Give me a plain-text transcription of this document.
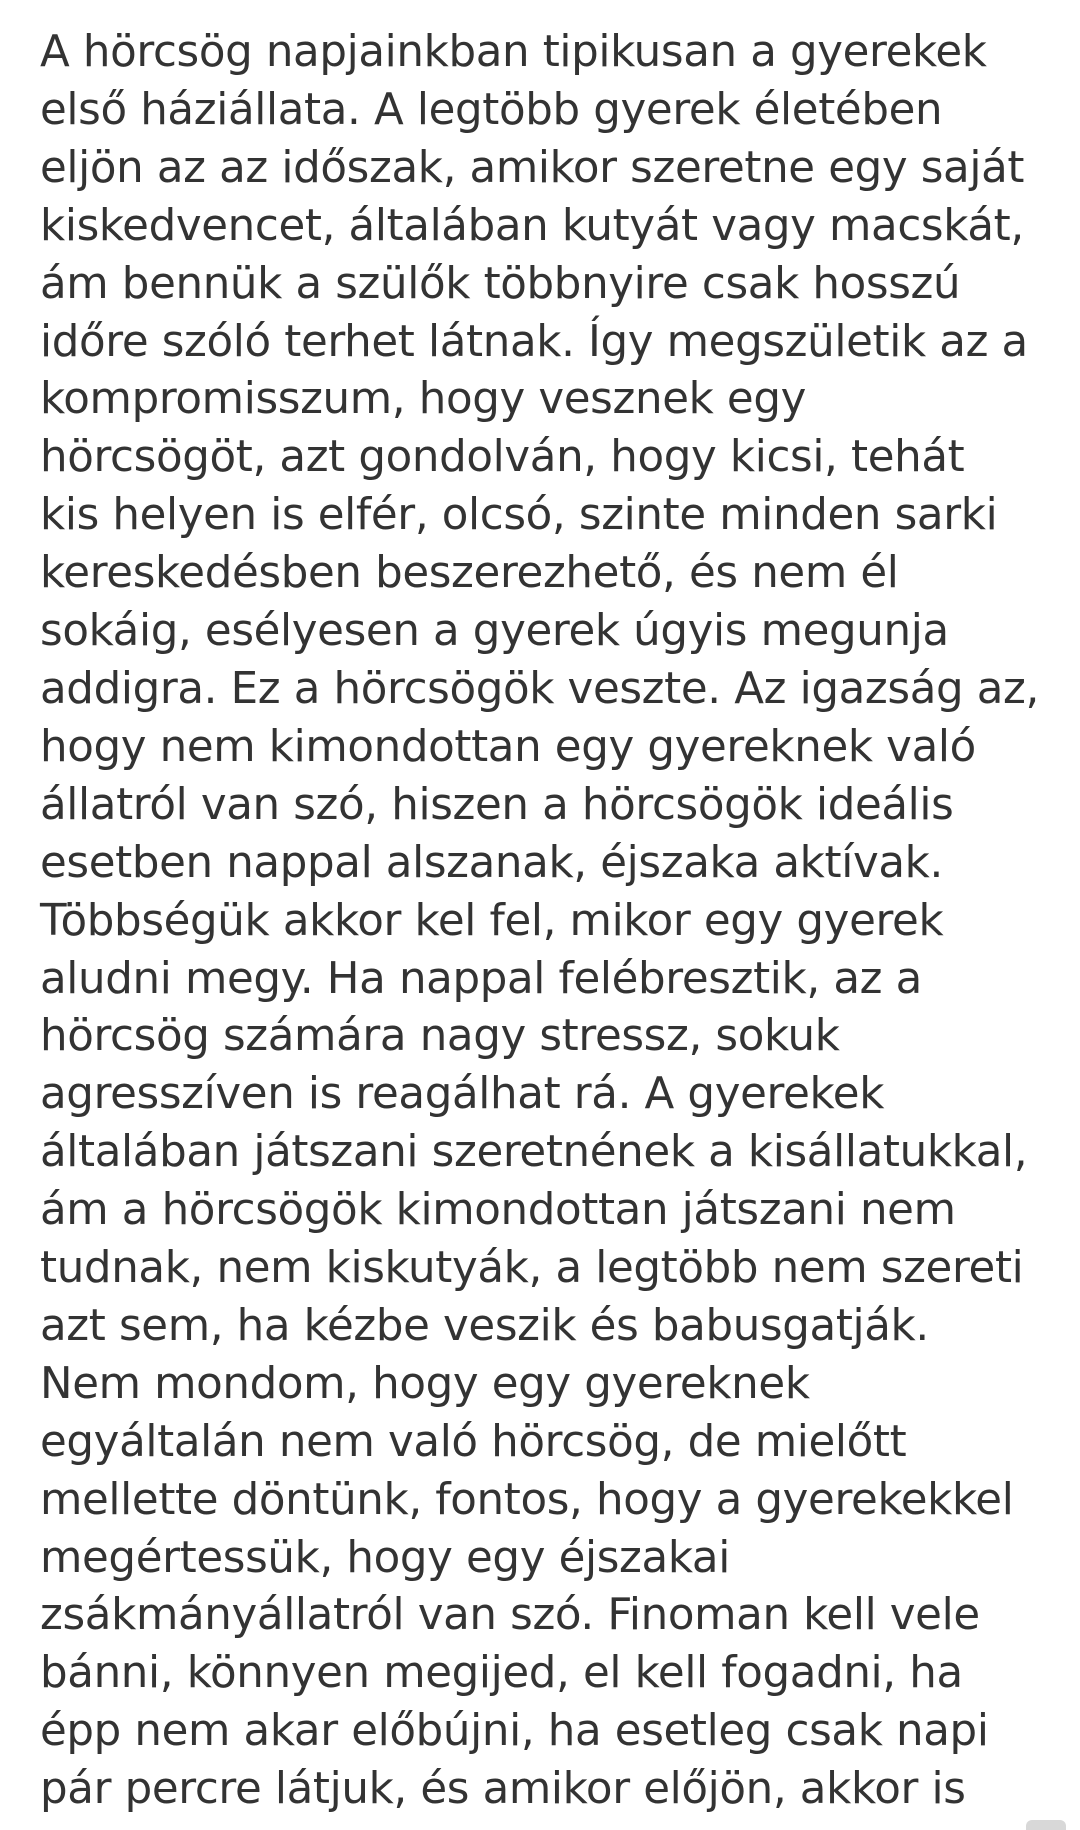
A hörcsög napjainkban tipikusan a gyerekek
első háziállata. A legtöbb gyerek életében
eljön az az időszak, amikor szeretne egy saját
kiskedvencet, általában kutyát vagy macskát,
ám bennük a szülők többnyire csak hosszú
időre szóló terhet látnak. Így megszületik az a
kompromisszum, hogy vesznek egy
hörcsögöt, azt gondolván, hogy kicsi, tehát
kis helyen is elfér, olcsó, szinte minden sarki
kereskedésben beszerezhető, és nem él
sokáig, esélyesen a gyerek úgyis megunja
addigra. Ez a hörcsögök veszte. Az igazság az,
hogy nem kimondottan egy gyereknek való
állatról van szó, hiszen a hörcsögök ideális
esetben nappal alszanak, éjszaka aktívak.
Többségük akkor kel fel, mikor egy gyerek
aludni megy. Ha nappal felébresztik, az a
hörcsög számára nagy stressz, sokuk
agresszíven is reagálhat rá. A gyerekek
általában játszani szeretnének a kisállatukkal,
ám a hörcsögök kimondottan játszani nem
tudnak, nem kiskutyák, a legtöbb nem szereti
azt sem, ha kézbe veszik és babusgatják.
Nem mondom, hogy egy gyereknek
egyáltalán nem való hörcsög, de mielőtt
mellette döntünk, fontos, hogy a gyerekekkel
megértessük, hogy egy éjszakai
zsákmányállatról van szó. Finoman kell vele
bánni, könnyen megijed, el kell fogadni, ha
épp nem akar előbújni, ha esetleg csak napi
pár percre látjuk, és amikor előjön, akkor is
